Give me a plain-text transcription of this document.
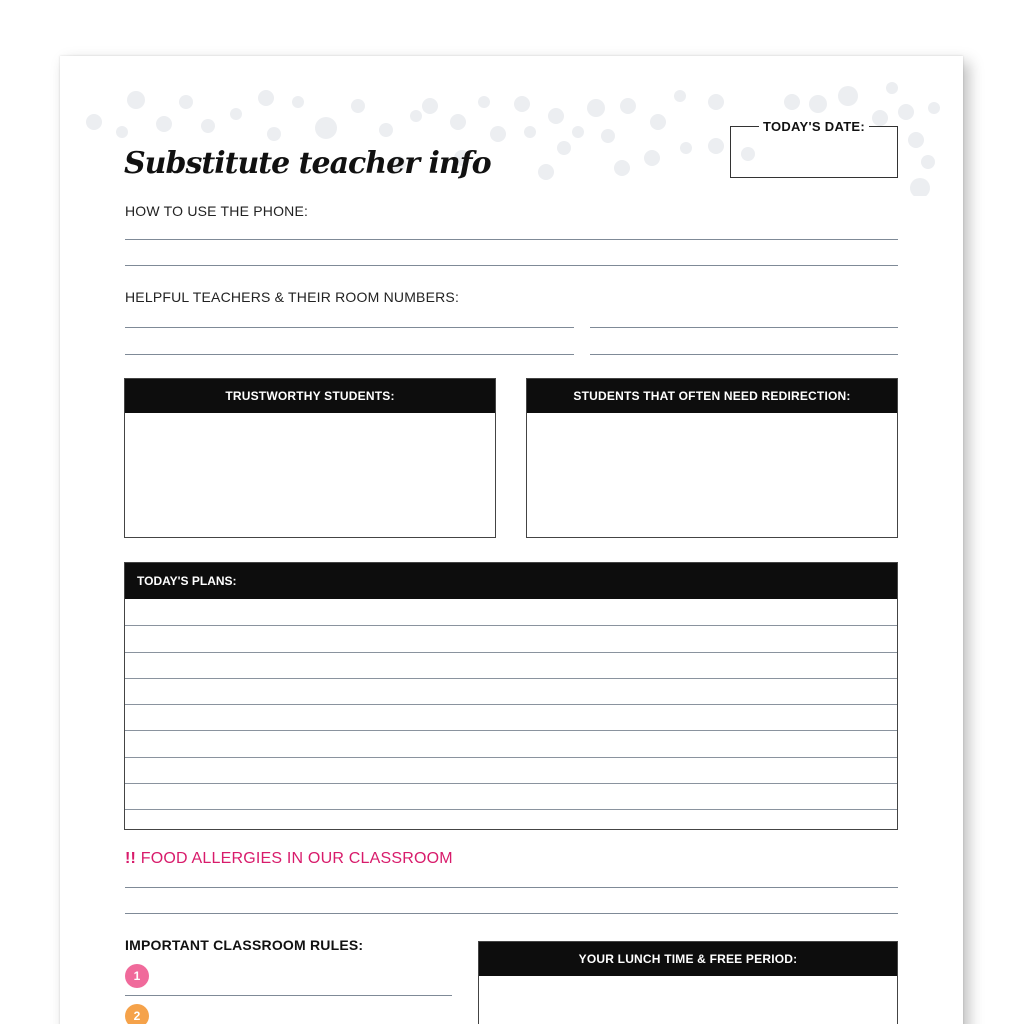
Substitute teacher info
TODAY'S DATE:
HOW TO USE THE PHONE:
HELPFUL TEACHERS & THEIR ROOM NUMBERS:
TRUSTWORTHY STUDENTS:	STUDENTS THAT OFTEN NEED REDIRECTION:
TODAY'S PLANS:
!! FOOD ALLERGIES IN OUR CLASSROOM
IMPORTANT CLASSROOM RULES:
1
2
YOUR LUNCH TIME & FREE PERIOD:
